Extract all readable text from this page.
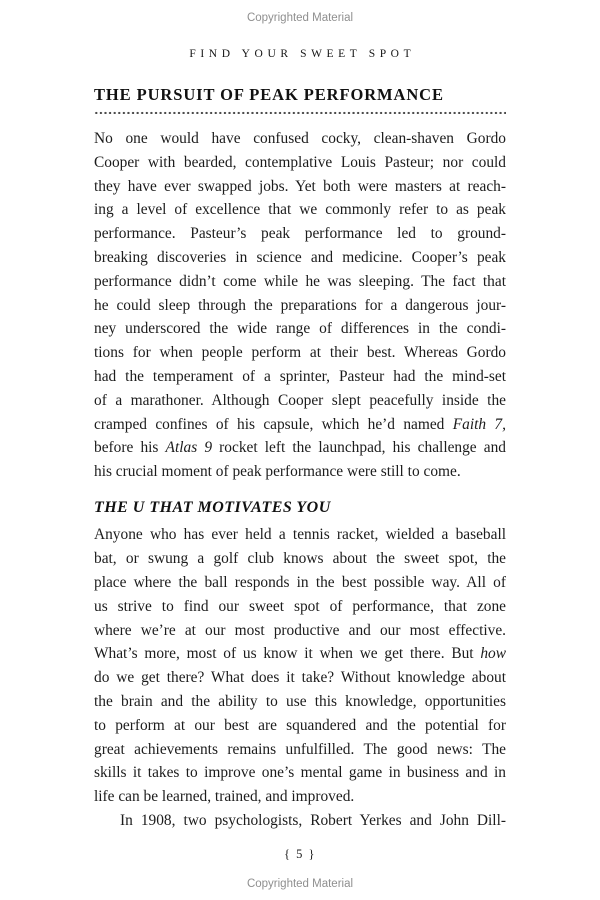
Copyrighted Material
FIND YOUR SWEET SPOT
THE PURSUIT OF PEAK PERFORMANCE
No one would have confused cocky, clean-shaven Gordo
Cooper with bearded, contemplative Louis Pasteur; nor could
they have ever swapped jobs. Yet both were masters at reach-
ing a level of excellence that we commonly refer to as peak
performance. Pasteur’s peak performance led to ground-
breaking discoveries in science and medicine. Cooper’s peak
performance didn’t come while he was sleeping. The fact that
he could sleep through the preparations for a dangerous jour-
ney underscored the wide range of differences in the condi-
tions for when people perform at their best. Whereas Gordo
had the temperament of a sprinter, Pasteur had the mind-set
of a marathoner. Although Cooper slept peacefully inside the
cramped confines of his capsule, which he’d named Faith 7,
before his Atlas 9 rocket left the launchpad, his challenge and
his crucial moment of peak performance were still to come.
THE U THAT MOTIVATES YOU
Anyone who has ever held a tennis racket, wielded a baseball
bat, or swung a golf club knows about the sweet spot, the
place where the ball responds in the best possible way. All of
us strive to find our sweet spot of performance, that zone
where we’re at our most productive and our most effective.
What’s more, most of us know it when we get there. But how
do we get there? What does it take? Without knowledge about
the brain and the ability to use this knowledge, opportunities
to perform at our best are squandered and the potential for
great achievements remains unfulfilled. The good news: The
skills it takes to improve one’s mental game in business and in
life can be learned, trained, and improved.
In 1908, two psychologists, Robert Yerkes and John Dill-
{ 5 }
Copyrighted Material
